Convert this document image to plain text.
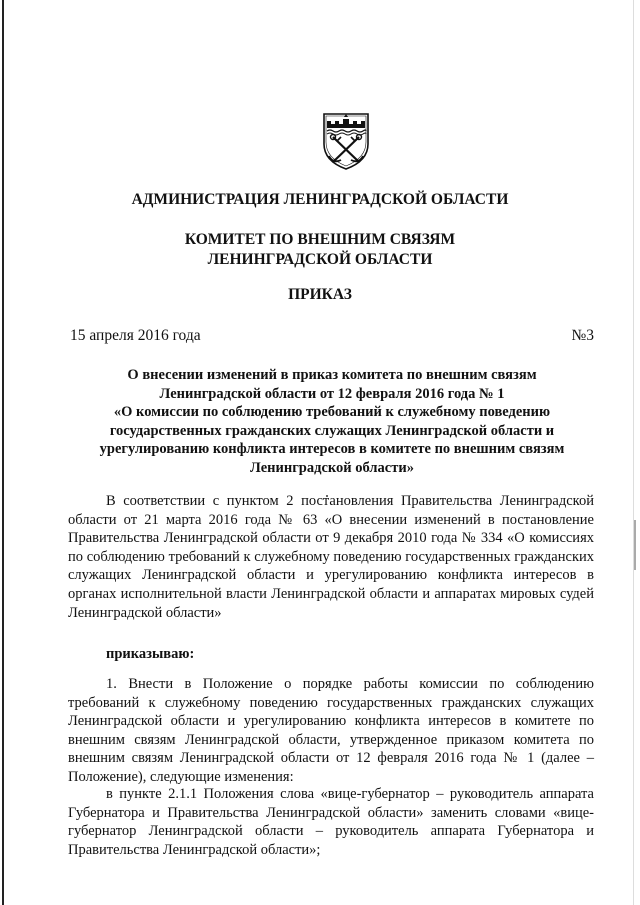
АДМИНИСТРАЦИЯ ЛЕНИНГРАДСКОЙ ОБЛАСТИ
КОМИТЕТ ПО ВНЕШНИМ СВЯЗЯМ
ЛЕНИНГРАДСКОЙ ОБЛАСТИ
ПРИКАЗ
15 апреля 2016 года	№3
О внесении изменений в приказ комитета по внешним связям
Ленинградской области от 12 февраля 2016 года № 1
«О комиссии по соблюдению требований к служебному поведению
государственных гражданских служащих Ленинградской области и
урегулированию конфликта интересов в комитете по внешним связям
Ленинградской области»

В соответствии с пунктом 2 постановления Правительства Ленинградской области от 21 марта 2016 года № 63 «О внесении изменений в постановление Правительства Ленинградской области от 9 декабря 2010 года № 334 «О комиссиях по соблюдению требований к служебному поведению государственных гражданских служащих Ленинградской области и урегулированию конфликта интересов в органах исполнительной власти Ленинградской области и аппаратах мировых судей Ленинградской области»

приказываю:

1. Внести в Положение о порядке работы комиссии по соблюдению требований к служебному поведению государственных гражданских служащих Ленинградской области и урегулированию конфликта интересов в комитете по внешним связям Ленинградской области, утвержденное приказом комитета по внешним связям Ленинградской области от 12 февраля 2016 года № 1 (далее – Положение), следующие изменения:

в пункте 2.1.1 Положения слова «вице-губернатор – руководитель аппарата Губернатора и Правительства Ленинградской области» заменить словами «вице-губернатор Ленинградской области – руководитель аппарата Губернатора и Правительства Ленинградской области»;
